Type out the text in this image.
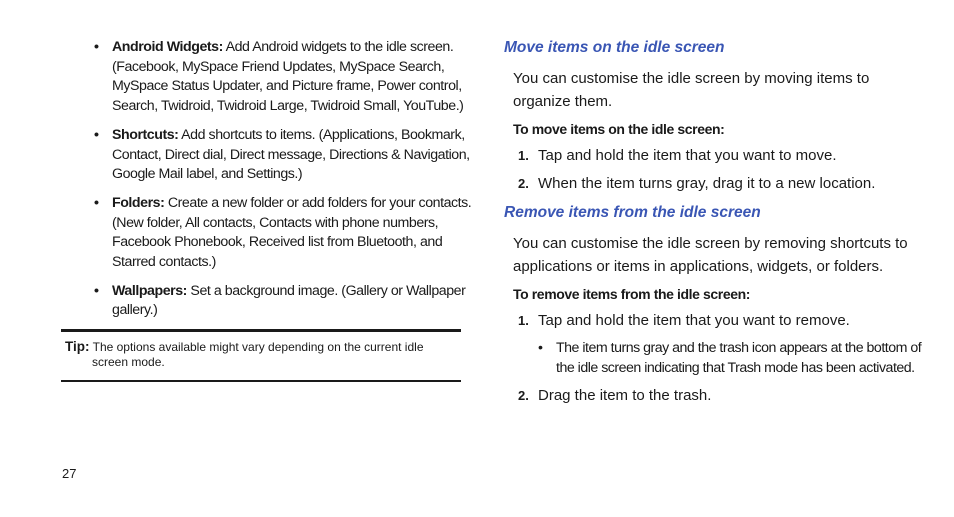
• Android Widgets: Add Android widgets to the idle screen. (Facebook, MySpace Friend Updates, MySpace Search, MySpace Status Updater, and Picture frame, Power control, Search, Twidroid, Twidroid Large, Twidroid Small, YouTube.)
• Shortcuts: Add shortcuts to items. (Applications, Bookmark, Contact, Direct dial, Direct message, Directions & Navigation, Google Mail label, and Settings.)
• Folders: Create a new folder or add folders for your contacts. (New folder, All contacts, Contacts with phone numbers, Facebook Phonebook, Received list from Bluetooth, and Starred contacts.)
• Wallpapers: Set a background image. (Gallery or Wallpaper gallery.)
Tip: The options available might vary depending on the current idle
screen mode.
Move items on the idle screen
You can customise the idle screen by moving items to organize them.
To move items on the idle screen:
1. Tap and hold the item that you want to move.
2. When the item turns gray, drag it to a new location.
Remove items from the idle screen
You can customise the idle screen by removing shortcuts to applications or items in applications, widgets, or folders.
To remove items from the idle screen:
1. Tap and hold the item that you want to remove.
• The item turns gray and the trash icon appears at the bottom of the idle screen indicating that Trash mode has been activated.
2. Drag the item to the trash.
27
